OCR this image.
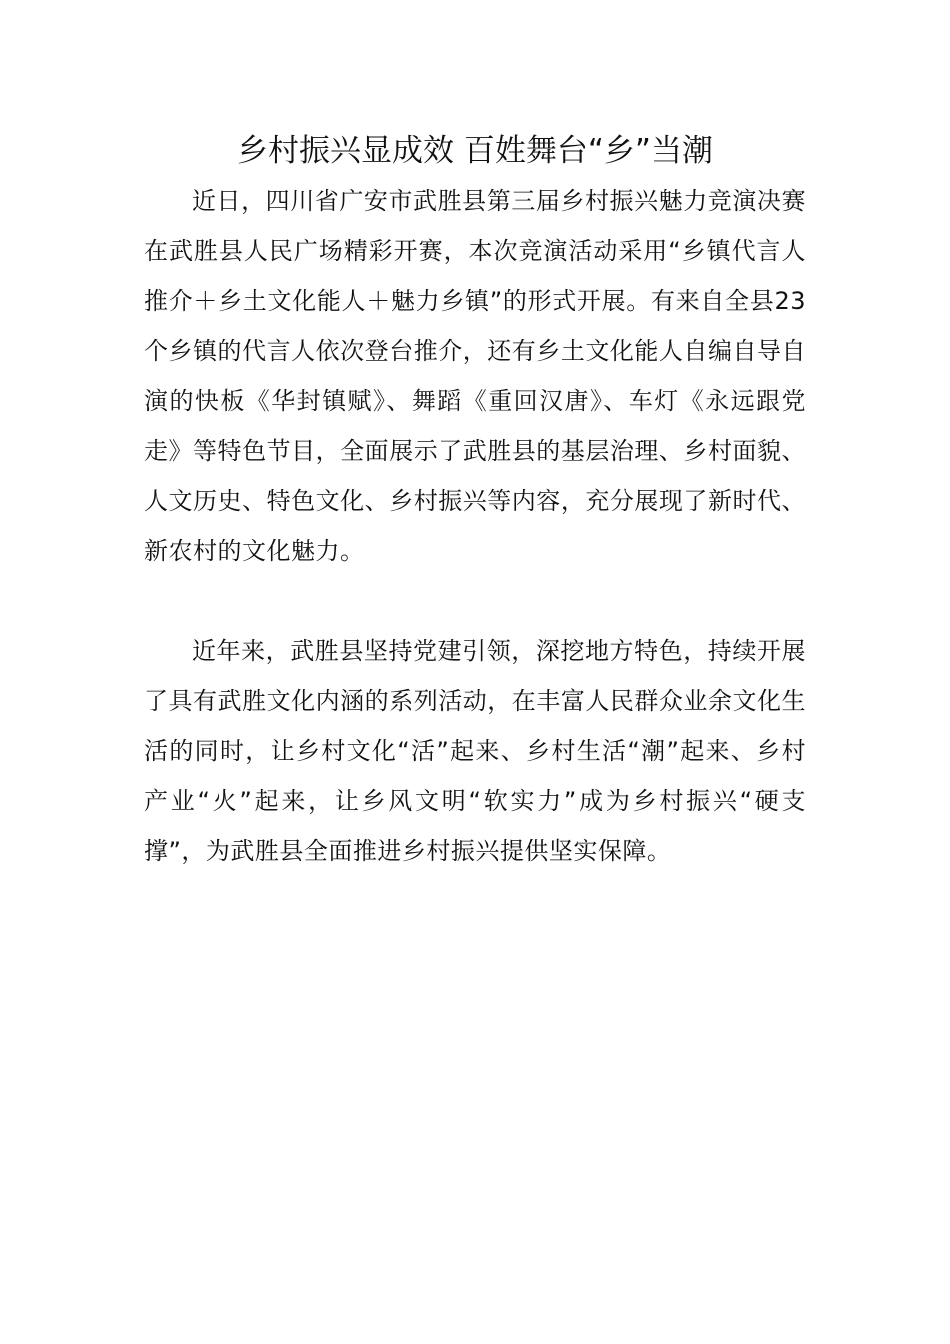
乡村振兴显成效 百姓舞台“乡”当潮

近日，四川省广安市武胜县第三届乡村振兴魅力竞演决赛在武胜县人民广场精彩开赛，本次竞演活动采用“乡镇代言人推介＋乡土文化能人＋魅力乡镇”的形式开展。有来自全县23个乡镇的代言人依次登台推介，还有乡土文化能人自编自导自演的快板《华封镇赋》、舞蹈《重回汉唐》、车灯《永远跟党走》等特色节目，全面展示了武胜县的基层治理、乡村面貌、人文历史、特色文化、乡村振兴等内容，充分展现了新时代、新农村的文化魅力。

近年来，武胜县坚持党建引领，深挖地方特色，持续开展了具有武胜文化内涵的系列活动，在丰富人民群众业余文化生活的同时，让乡村文化“活”起来、乡村生活“潮”起来、乡村产业“火”起来，让乡风文明“软实力”成为乡村振兴“硬支撑”，为武胜县全面推进乡村振兴提供坚实保障。
